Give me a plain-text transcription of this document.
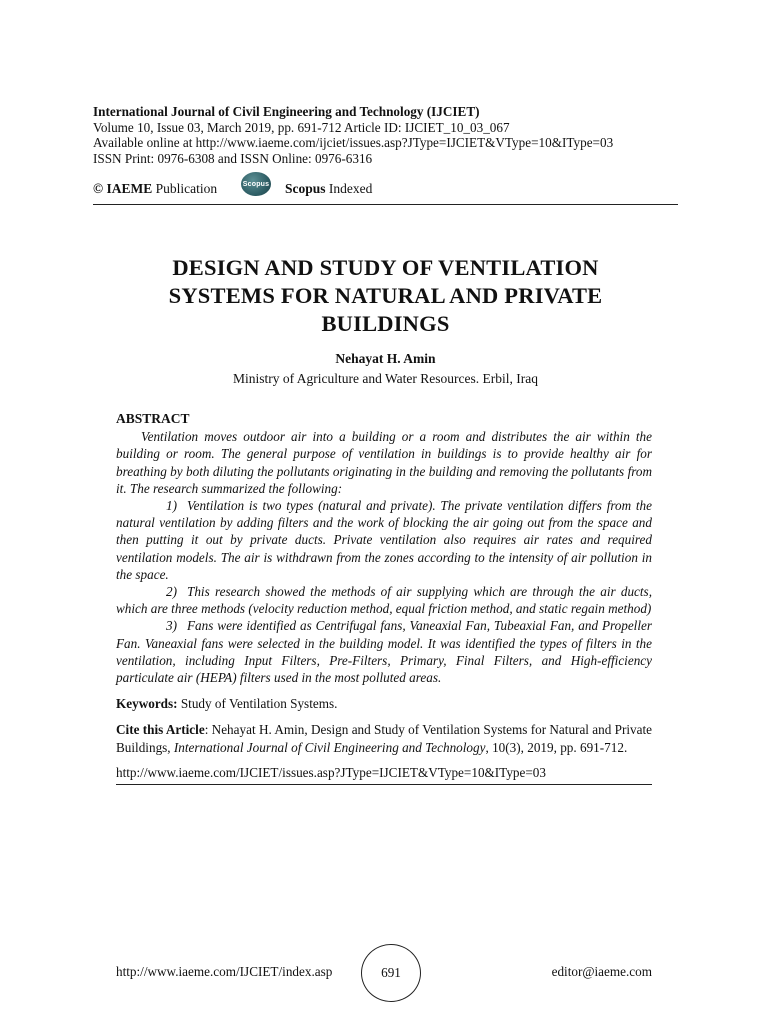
International Journal of Civil Engineering and Technology (IJCIET)
Volume 10, Issue 03, March 2019, pp. 691-712 Article ID: IJCIET_10_03_067
Available online at http://www.iaeme.com/ijciet/issues.asp?JType=IJCIET&VType=10&IType=03
ISSN Print: 0976-6308 and ISSN Online: 0976-6316
© IAEME Publication	Scopus Scopus Indexed
DESIGN AND STUDY OF VENTILATION
SYSTEMS FOR NATURAL AND PRIVATE
BUILDINGS
Nehayat H. Amin
Ministry of Agriculture and Water Resources. Erbil, Iraq
ABSTRACT

Ventilation moves outdoor air into a building or a room and distributes the air within the building or room. The general purpose of ventilation in buildings is to provide healthy air for breathing by both diluting the pollutants originating in the building and removing the pollutants from it. The research summarized the following:

1) Ventilation is two types (natural and private). The private ventilation differs from the natural ventilation by adding filters and the work of blocking the air going out from the space and then putting it out by private ducts. Private ventilation also requires air rates and required ventilation models. The air is withdrawn from the zones according to the intensity of air pollution in the space.

2) This research showed the methods of air supplying which are through the air ducts, which are three methods (velocity reduction method, equal friction method, and static regain method)

3) Fans were identified as Centrifugal fans, Vaneaxial Fan, Tubeaxial Fan, and Propeller Fan. Vaneaxial fans were selected in the building model. It was identified the types of filters in the ventilation, including Input Filters, Pre-Filters, Primary, Final Filters, and High-efficiency particulate air (HEPA) filters used in the most polluted areas.

Keywords: Study of Ventilation Systems.
Cite this Article: Nehayat H. Amin, Design and Study of Ventilation Systems for Natural and Private Buildings, International Journal of Civil Engineering and Technology, 10(3), 2019, pp. 691-712.
http://www.iaeme.com/IJCIET/issues.asp?JType=IJCIET&VType=10&IType=03
http://www.iaeme.com/IJCIET/index.asp	691	editor@iaeme.com
